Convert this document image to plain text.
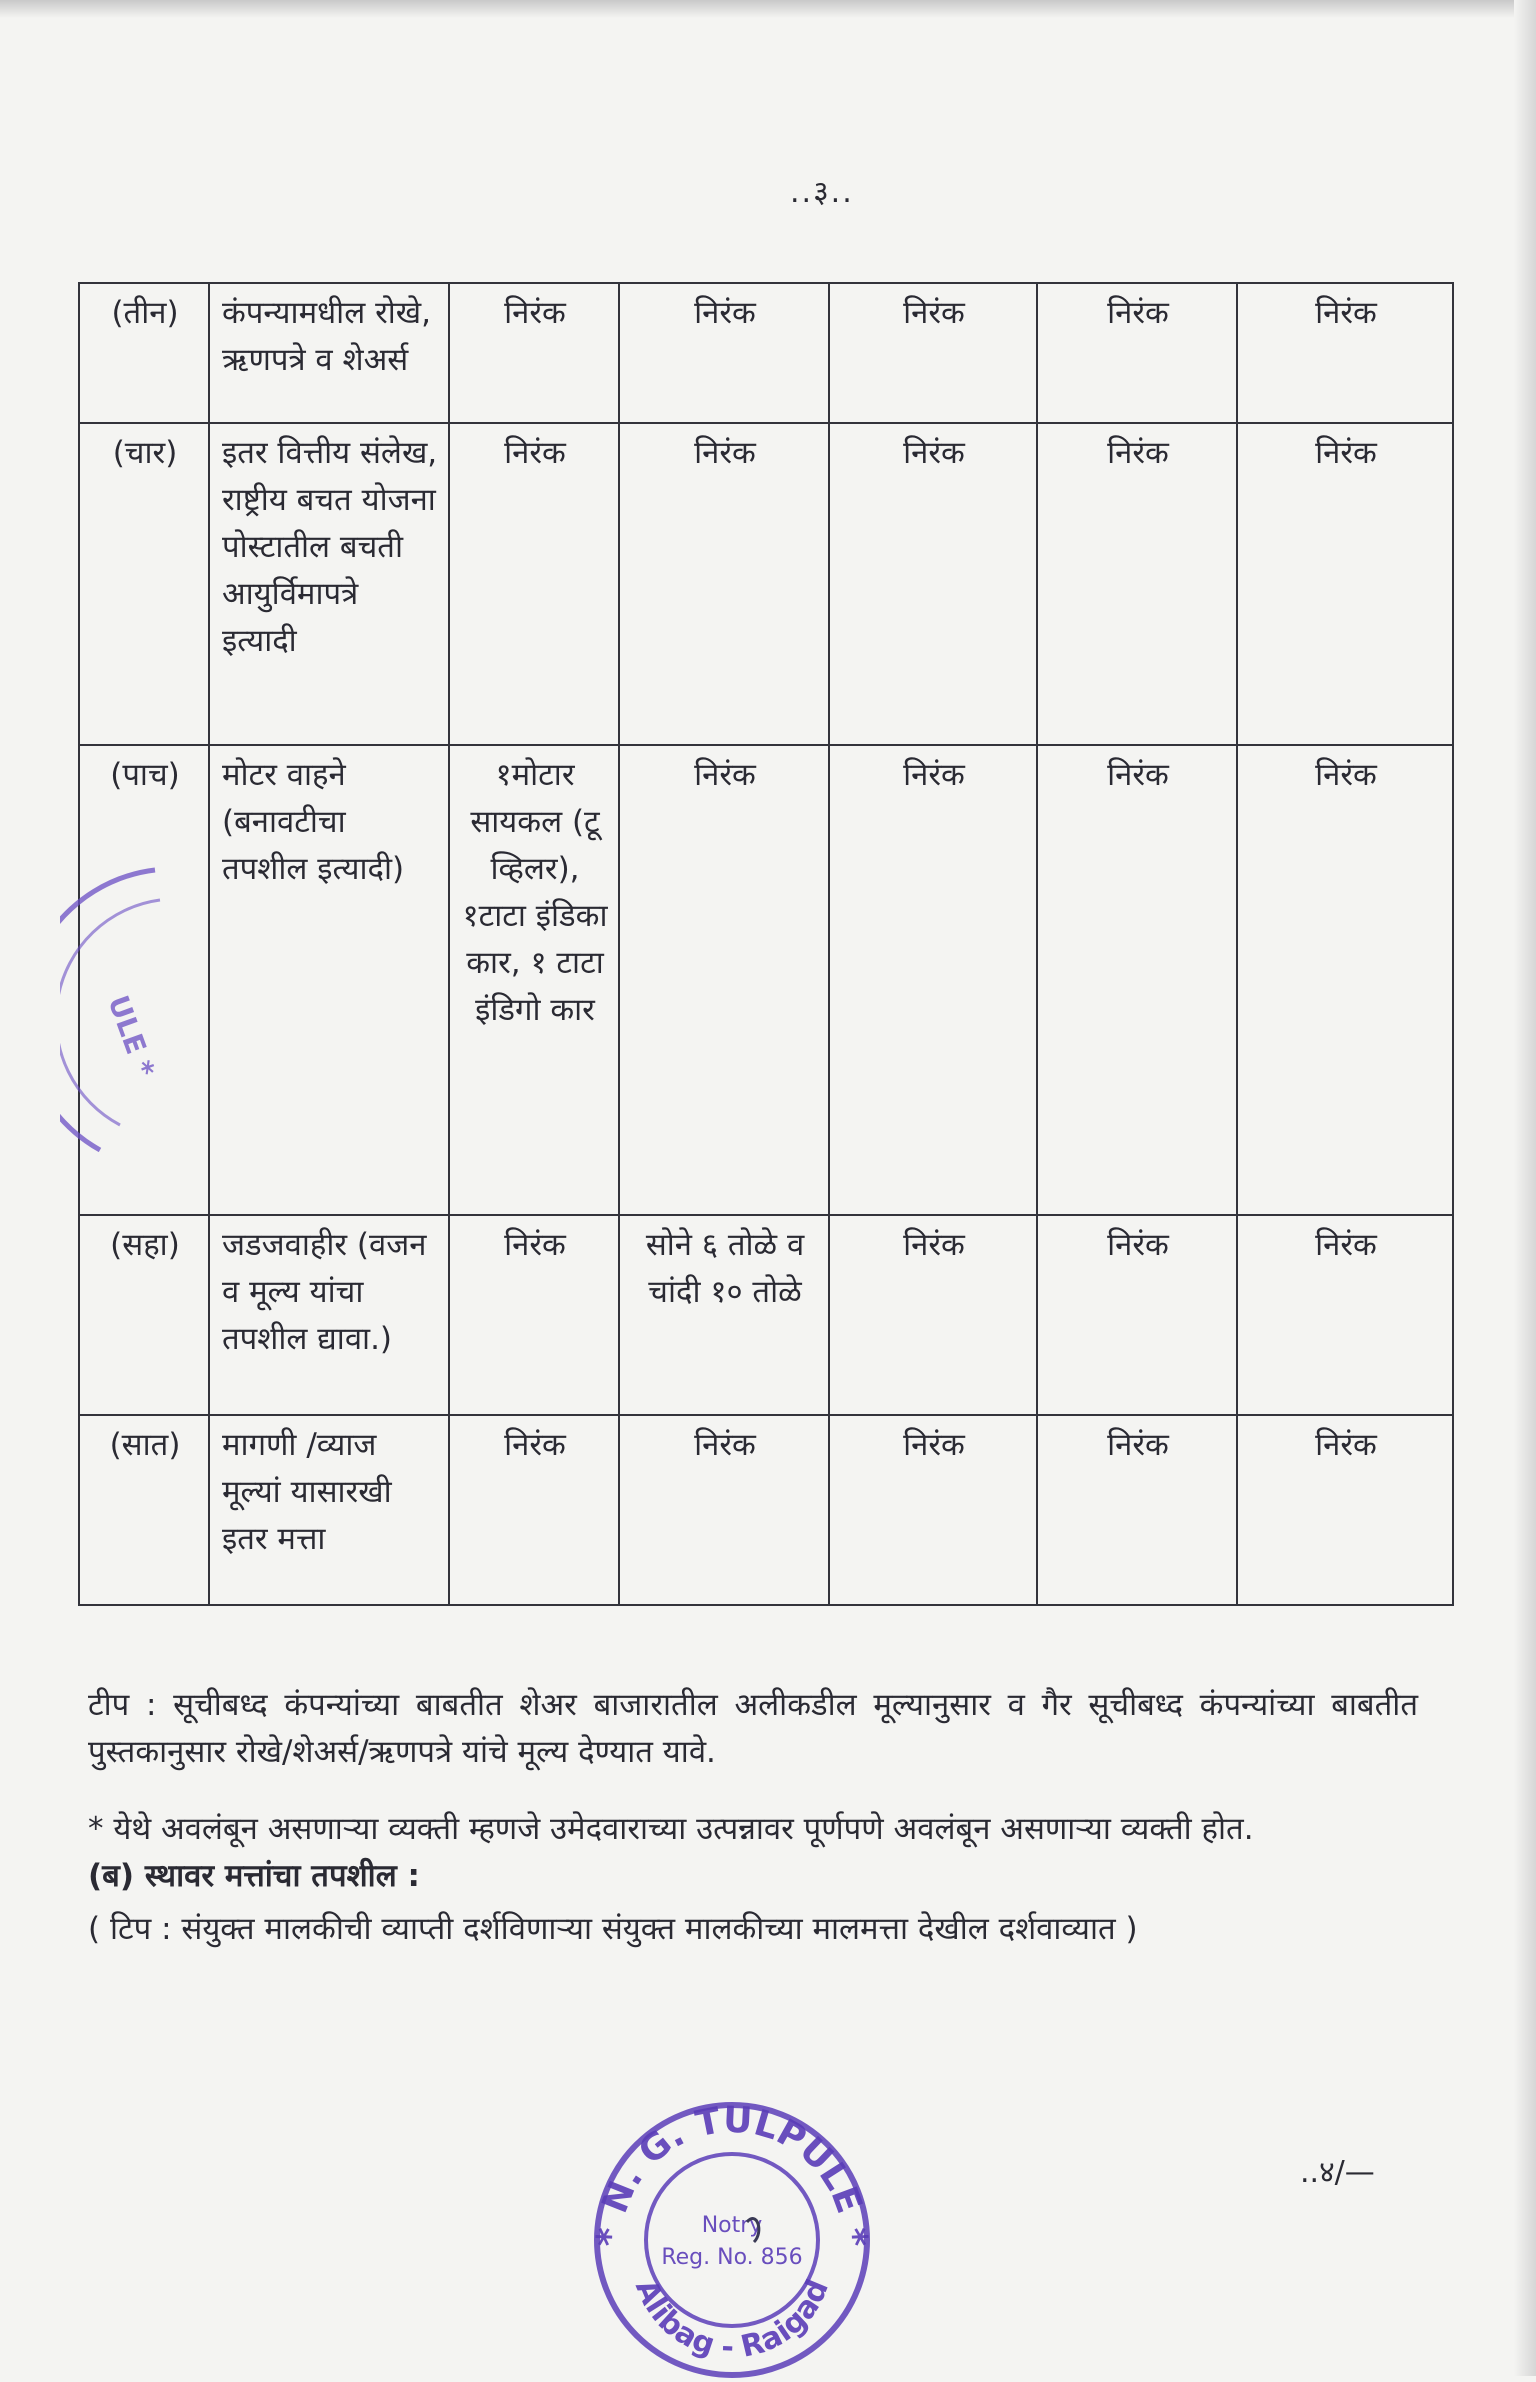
..३..
(तीन)	कंपन्यामधील रोखे, ऋणपत्रे व शेअर्स	निरंक	निरंक	निरंक	निरंक	निरंक
(चार)	इतर वित्तीय संलेख, राष्ट्रीय बचत योजना पोस्टातील बचती आयुर्विमापत्रे इत्यादी	निरंक	निरंक	निरंक	निरंक	निरंक
(पाच)	मोटर वाहने (बनावटीचा तपशील इत्यादी)	१मोटार सायकल (टू व्हिलर), १टाटा इंडिका कार, १ टाटा इंडिगो कार	निरंक	निरंक	निरंक	निरंक
(सहा)	जडजवाहीर (वजन व मूल्य यांचा तपशील द्यावा.)	निरंक	सोने ६ तोळे व चांदी १० तोळे	निरंक	निरंक	निरंक
(सात)	मागणी /व्याज मूल्यां यासारखी इतर मत्ता	निरंक	निरंक	निरंक	निरंक	निरंक

टीप : सूचीबध्द कंपन्यांच्या बाबतीत शेअर बाजारातील अलीकडील मूल्यानुसार व गैर सूचीबध्द कंपन्यांच्या बाबतीत पुस्तकानुसार रोखे/शेअर्स/ऋणपत्रे यांचे मूल्य देण्यात यावे.

* येथे अवलंबून असणाऱ्या व्यक्ती म्हणजे उमेदवाराच्या उत्पन्नावर पूर्णपणे अवलंबून असणाऱ्या व्यक्ती होत.

(ब) स्थावर मत्तांचा तपशील :

( टिप : संयुक्त मालकीची व्याप्ती दर्शविणाऱ्या संयुक्त मालकीच्या मालमत्ता देखील दर्शवाव्यात )

..४/—
ULE *
* N. G. TULPULE *
Alibag - Raigad
Notry
Reg. No. 856
